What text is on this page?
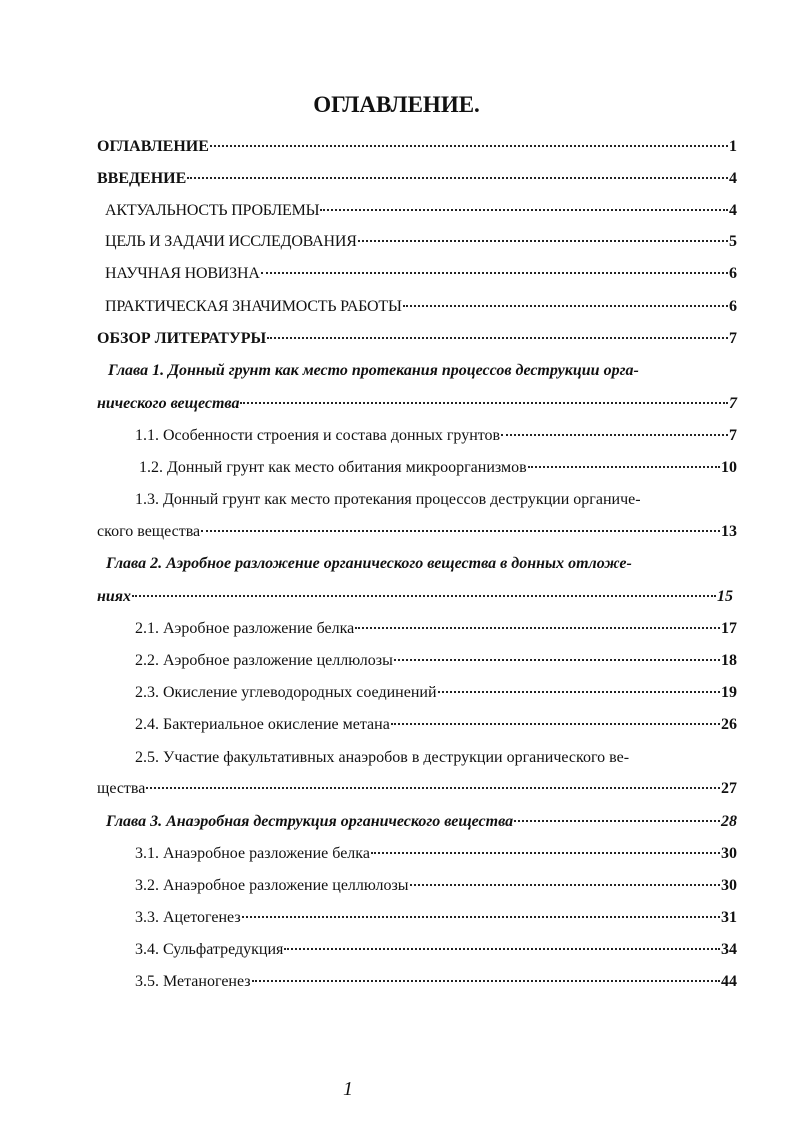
ОГЛАВЛЕНИЕ.
ОГЛАВЛЕНИЕ	1
ВВЕДЕНИЕ	4
АКТУАЛЬНОСТЬ ПРОБЛЕМЫ	4
ЦЕЛЬ И ЗАДАЧИ ИССЛЕДОВАНИЯ	5
НАУЧНАЯ НОВИЗНА	6
ПРАКТИЧЕСКАЯ ЗНАЧИМОСТЬ РАБОТЫ	6
ОБЗОР ЛИТЕРАТУРЫ	7
Глава 1. Донный грунт как место протекания процессов деструкции орга-
нического вещества	7
1.1. Особенности строения и состава донных грунтов	7
1.2. Донный грунт как место обитания микроорганизмов	10
1.3. Донный грунт как место протекания процессов деструкции органиче-
ского вещества	13
Глава 2. Аэробное разложение органического вещества в донных отложе-
ниях	15
2.1. Аэробное разложение белка	17
2.2. Аэробное разложение целлюлозы	18
2.3. Окисление углеводородных соединений	19
2.4. Бактериальное окисление метана	26
2.5. Участие факультативных анаэробов в деструкции органического ве-
щества	27
Глава 3. Анаэробная деструкция органического вещества	28
3.1. Анаэробное разложение белка	30
3.2. Анаэробное разложение целлюлозы	30
3.3. Ацетогенез	31
3.4. Сульфатредукция	34
3.5. Метаногенез	44
1
